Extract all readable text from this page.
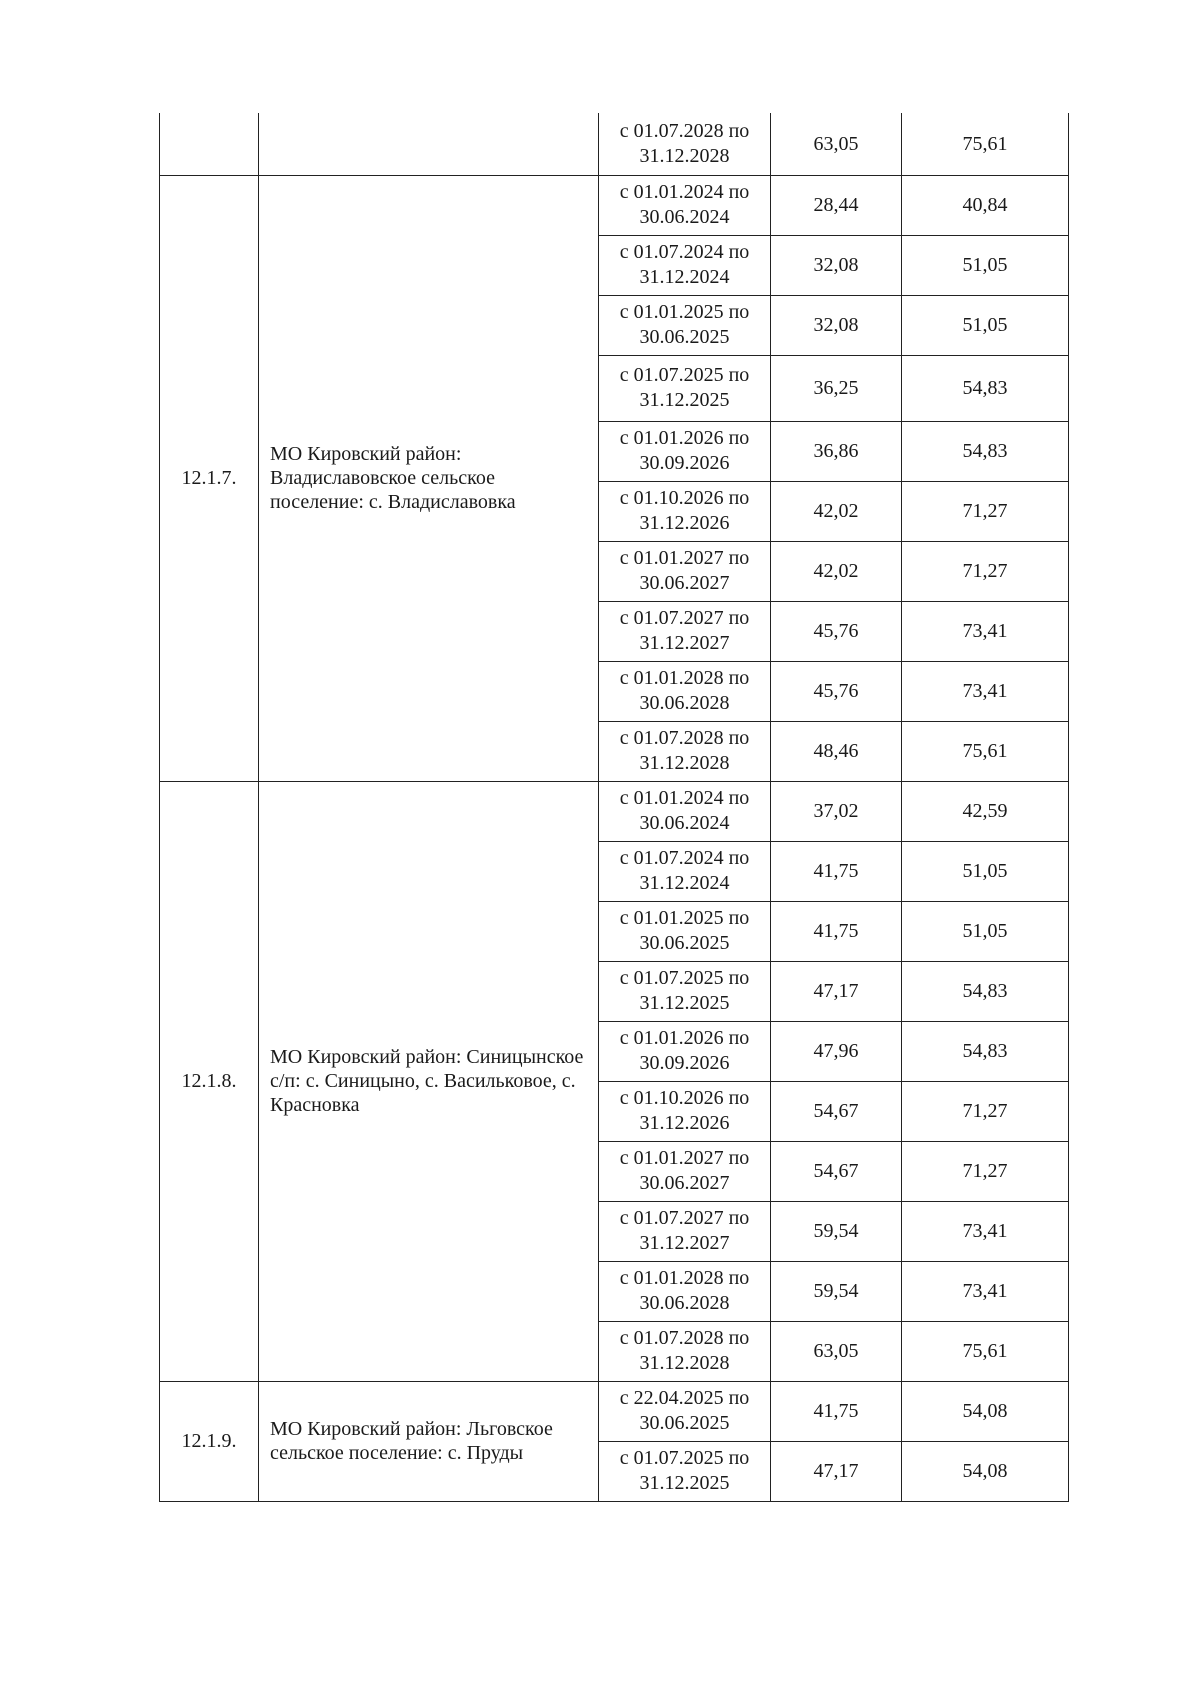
		с 01.07.2028 по 31.12.2028	63,05	75,61
12.1.7.	МО Кировский район: Владиславовское сельское поселение: с. Владиславовка	с 01.01.2024 по 30.06.2024	28,44	40,84
		с 01.07.2024 по 31.12.2024	32,08	51,05
		с 01.01.2025 по 30.06.2025	32,08	51,05
		с 01.07.2025 по 31.12.2025	36,25	54,83
		с 01.01.2026 по 30.09.2026	36,86	54,83
		с 01.10.2026 по 31.12.2026	42,02	71,27
		с 01.01.2027 по 30.06.2027	42,02	71,27
		с 01.07.2027 по 31.12.2027	45,76	73,41
		с 01.01.2028 по 30.06.2028	45,76	73,41
		с 01.07.2028 по 31.12.2028	48,46	75,61
12.1.8.	МО Кировский район: Синицынское с/п: с. Синицыно, с. Васильковое, с. Красновка	с 01.01.2024 по 30.06.2024	37,02	42,59
		с 01.07.2024 по 31.12.2024	41,75	51,05
		с 01.01.2025 по 30.06.2025	41,75	51,05
		с 01.07.2025 по 31.12.2025	47,17	54,83
		с 01.01.2026 по 30.09.2026	47,96	54,83
		с 01.10.2026 по 31.12.2026	54,67	71,27
		с 01.01.2027 по 30.06.2027	54,67	71,27
		с 01.07.2027 по 31.12.2027	59,54	73,41
		с 01.01.2028 по 30.06.2028	59,54	73,41
		с 01.07.2028 по 31.12.2028	63,05	75,61
12.1.9.	МО Кировский район: Льговское сельское поселение: с. Пруды	с 22.04.2025 по 30.06.2025	41,75	54,08
		с 01.07.2025 по 31.12.2025	47,17	54,08
